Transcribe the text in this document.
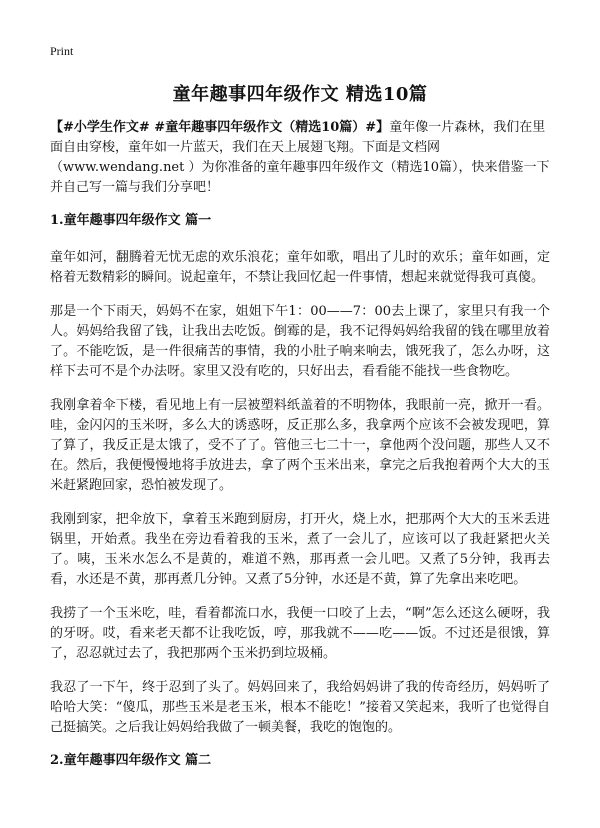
Print
童年趣事四年级作文 精选10篇
【#小学生作文# #童年趣事四年级作文（精选10篇）#】童年像一片森林，我们在里面自由穿梭，童年如一片蓝天，我们在天上展翅飞翔。下面是文档网（www.wendang.net ）为你准备的童年趣事四年级作文（精选10篇），快来借鉴一下并自己写一篇与我们分享吧！
1.童年趣事四年级作文 篇一
童年如河，翻腾着无忧无虑的欢乐浪花；童年如歌，唱出了儿时的欢乐；童年如画，定格着无数精彩的瞬间。说起童年，不禁让我回忆起一件事情，想起来就觉得我可真傻。
那是一个下雨天，妈妈不在家，姐姐下午1：00——7：00去上课了，家里只有我一个人。妈妈给我留了钱，让我出去吃饭。倒霉的是，我不记得妈妈给我留的钱在哪里放着了。不能吃饭，是一件很痛苦的事情，我的小肚子响来响去，饿死我了，怎么办呀，这样下去可不是个办法呀。家里又没有吃的，只好出去，看看能不能找一些食物吃。
我刚拿着伞下楼，看见地上有一层被塑料纸盖着的不明物体，我眼前一亮，掀开一看。哇，金闪闪的玉米呀，多么大的诱惑呀，反正那么多，我拿两个应该不会被发现吧，算了算了，我反正是太饿了，受不了了。管他三七二十一，拿他两个没问题，那些人又不在。然后，我便慢慢地将手放进去，拿了两个玉米出来，拿完之后我抱着两个大大的玉米赶紧跑回家，恐怕被发现了。
我刚到家，把伞放下，拿着玉米跑到厨房，打开火，烧上水，把那两个大大的玉米丢进锅里，开始煮。我坐在旁边看着我的玉米，煮了一会儿了，应该可以了我赶紧把火关了。咦，玉米水怎么不是黄的，难道不熟，那再煮一会儿吧。又煮了5分钟，我再去看，水还是不黄，那再煮几分钟。又煮了5分钟，水还是不黄，算了先拿出来吃吧。
我捞了一个玉米吃，哇，看着都流口水，我便一口咬了上去，“啊”怎么还这么硬呀，我的牙呀。哎，看来老天都不让我吃饭，哼，那我就不——吃——饭。不过还是很饿，算了，忍忍就过去了，我把那两个玉米扔到垃圾桶。
我忍了一下午，终于忍到了头了。妈妈回来了，我给妈妈讲了我的传奇经历，妈妈听了哈哈大笑：“傻瓜，那些玉米是老玉米，根本不能吃！”接着又笑起来，我听了也觉得自己挺搞笑。之后我让妈妈给我做了一顿美餐，我吃的饱饱的。
2.童年趣事四年级作文 篇二
